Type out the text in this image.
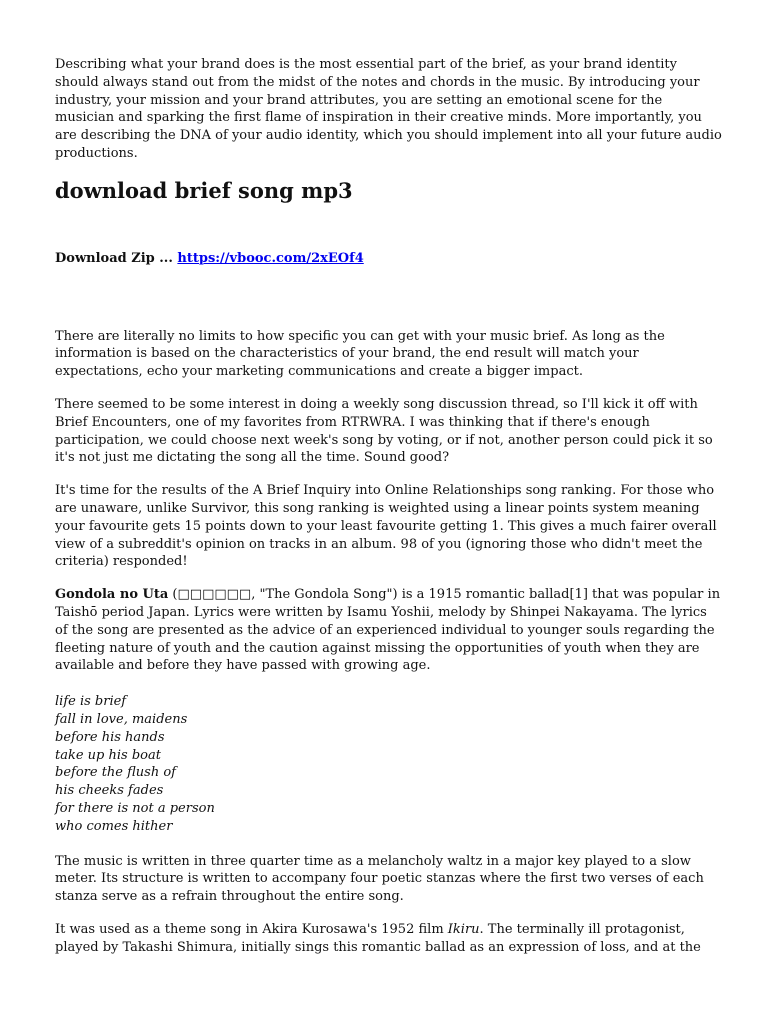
Describing what your brand does is the most essential part of the brief, as your brand identity should always stand out from the midst of the notes and chords in the music. By introducing your industry, your mission and your brand attributes, you are setting an emotional scene for the musician and sparking the first flame of inspiration in their creative minds. More importantly, you are describing the DNA of your audio identity, which you should implement into all your future audio productions.

download brief song mp3
Download Zip ... https://vbooc.com/2xEOf4

There are literally no limits to how specific you can get with your music brief. As long as the information is based on the characteristics of your brand, the end result will match your expectations, echo your marketing communications and create a bigger impact.

There seemed to be some interest in doing a weekly song discussion thread, so I'll kick it off with Brief Encounters, one of my favorites from RTRWRA. I was thinking that if there's enough participation, we could choose next week's song by voting, or if not, another person could pick it so it's not just me dictating the song all the time. Sound good?

It's time for the results of the A Brief Inquiry into Online Relationships song ranking. For those who are unaware, unlike Survivor, this song ranking is weighted using a linear points system meaning your favourite gets 15 points down to your least favourite getting 1. This gives a much fairer overall view of a subreddit's opinion on tracks in an album. 98 of you (ignoring those who didn't meet the criteria) responded!

Gondola no Uta (□□□□□□, "The Gondola Song") is a 1915 romantic ballad[1] that was popular in Taishō period Japan. Lyrics were written by Isamu Yoshii, melody by Shinpei Nakayama. The lyrics of the song are presented as the advice of an experienced individual to younger souls regarding the fleeting nature of youth and the caution against missing the opportunities of youth when they are available and before they have passed with growing age.

life is brief
fall in love, maidens
before his hands
take up his boat
before the flush of
his cheeks fades
for there is not a person
who comes hither

The music is written in three quarter time as a melancholy waltz in a major key played to a slow meter. Its structure is written to accompany four poetic stanzas where the first two verses of each stanza serve as a refrain throughout the entire song.

It was used as a theme song in Akira Kurosawa's 1952 film Ikiru. The terminally ill protagonist, played by Takashi Shimura, initially sings this romantic ballad as an expression of loss, and at the
